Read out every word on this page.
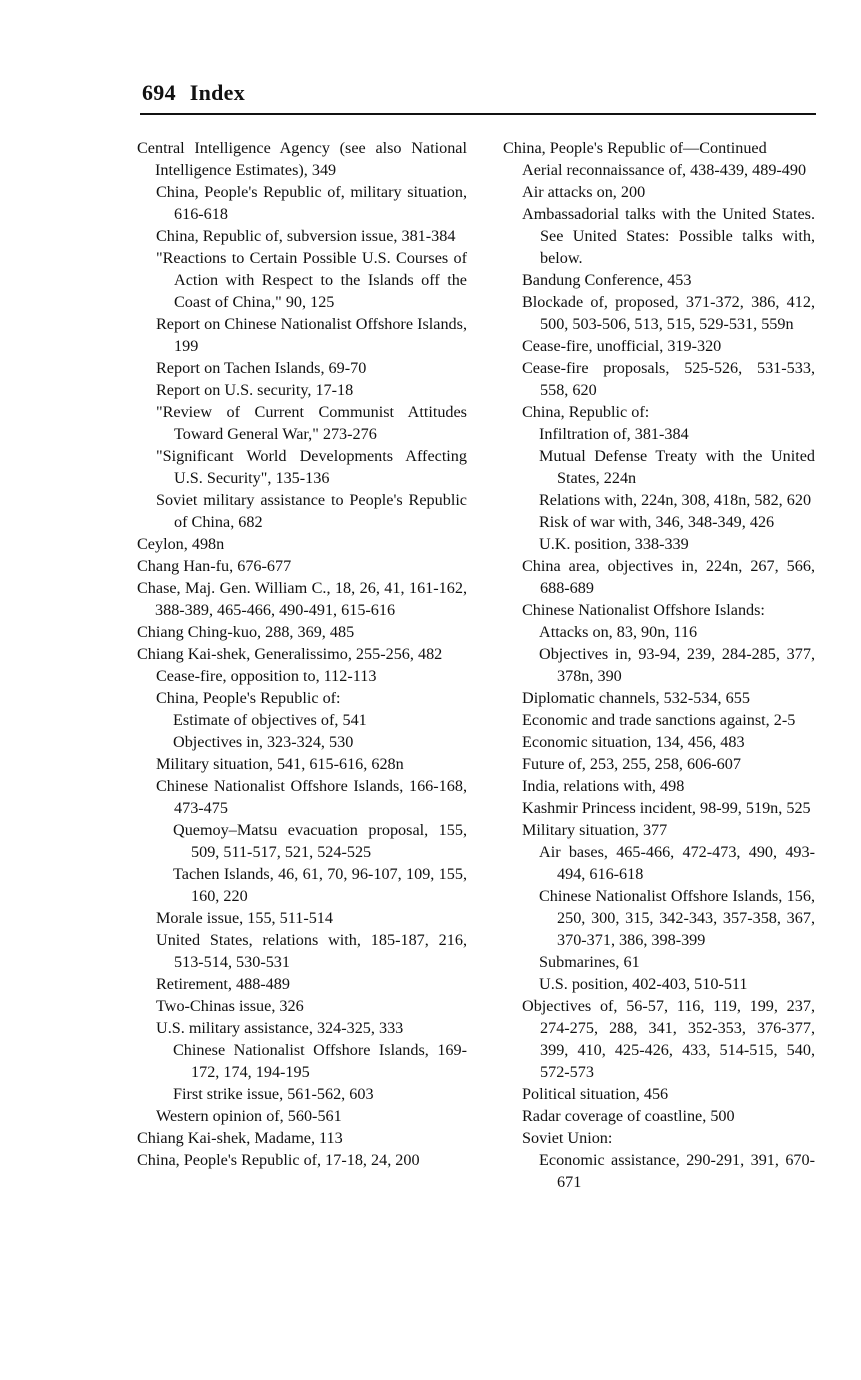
694 Index
Central Intelligence Agency (see also National Intelligence Estimates), 349
China, People's Republic of, military situation, 616-618
China, Republic of, subversion issue, 381-384
"Reactions to Certain Possible U.S. Courses of Action with Respect to the Islands off the Coast of China," 90, 125
Report on Chinese Nationalist Offshore Islands, 199
Report on Tachen Islands, 69-70
Report on U.S. security, 17-18
"Review of Current Communist Attitudes Toward General War," 273-276
"Significant World Developments Affecting U.S. Security", 135-136
Soviet military assistance to People's Republic of China, 682
Ceylon, 498n
Chang Han-fu, 676-677
Chase, Maj. Gen. William C., 18, 26, 41, 161-162, 388-389, 465-466, 490-491, 615-616
Chiang Ching-kuo, 288, 369, 485
Chiang Kai-shek, Generalissimo, 255-256, 482
Cease-fire, opposition to, 112-113
China, People's Republic of:
Estimate of objectives of, 541
Objectives in, 323-324, 530
Military situation, 541, 615-616, 628n
Chinese Nationalist Offshore Islands, 166-168, 473-475
Quemoy–Matsu evacuation proposal, 155, 509, 511-517, 521, 524-525
Tachen Islands, 46, 61, 70, 96-107, 109, 155, 160, 220
Morale issue, 155, 511-514
United States, relations with, 185-187, 216, 513-514, 530-531
Retirement, 488-489
Two-Chinas issue, 326
U.S. military assistance, 324-325, 333
Chinese Nationalist Offshore Islands, 169-172, 174, 194-195
First strike issue, 561-562, 603
Western opinion of, 560-561
Chiang Kai-shek, Madame, 113
China, People's Republic of, 17-18, 24, 200
China, People's Republic of—Continued
Aerial reconnaissance of, 438-439, 489-490
Air attacks on, 200
Ambassadorial talks with the United States. See United States: Possible talks with, below.
Bandung Conference, 453
Blockade of, proposed, 371-372, 386, 412, 500, 503-506, 513, 515, 529-531, 559n
Cease-fire, unofficial, 319-320
Cease-fire proposals, 525-526, 531-533, 558, 620
China, Republic of:
Infiltration of, 381-384
Mutual Defense Treaty with the United States, 224n
Relations with, 224n, 308, 418n, 582, 620
Risk of war with, 346, 348-349, 426
U.K. position, 338-339
China area, objectives in, 224n, 267, 566, 688-689
Chinese Nationalist Offshore Islands:
Attacks on, 83, 90n, 116
Objectives in, 93-94, 239, 284-285, 377, 378n, 390
Diplomatic channels, 532-534, 655
Economic and trade sanctions against, 2-5
Economic situation, 134, 456, 483
Future of, 253, 255, 258, 606-607
India, relations with, 498
Kashmir Princess incident, 98-99, 519n, 525
Military situation, 377
Air bases, 465-466, 472-473, 490, 493-494, 616-618
Chinese Nationalist Offshore Islands, 156, 250, 300, 315, 342-343, 357-358, 367, 370-371, 386, 398-399
Submarines, 61
U.S. position, 402-403, 510-511
Objectives of, 56-57, 116, 119, 199, 237, 274-275, 288, 341, 352-353, 376-377, 399, 410, 425-426, 433, 514-515, 540, 572-573
Political situation, 456
Radar coverage of coastline, 500
Soviet Union:
Economic assistance, 290-291, 391, 670-671
